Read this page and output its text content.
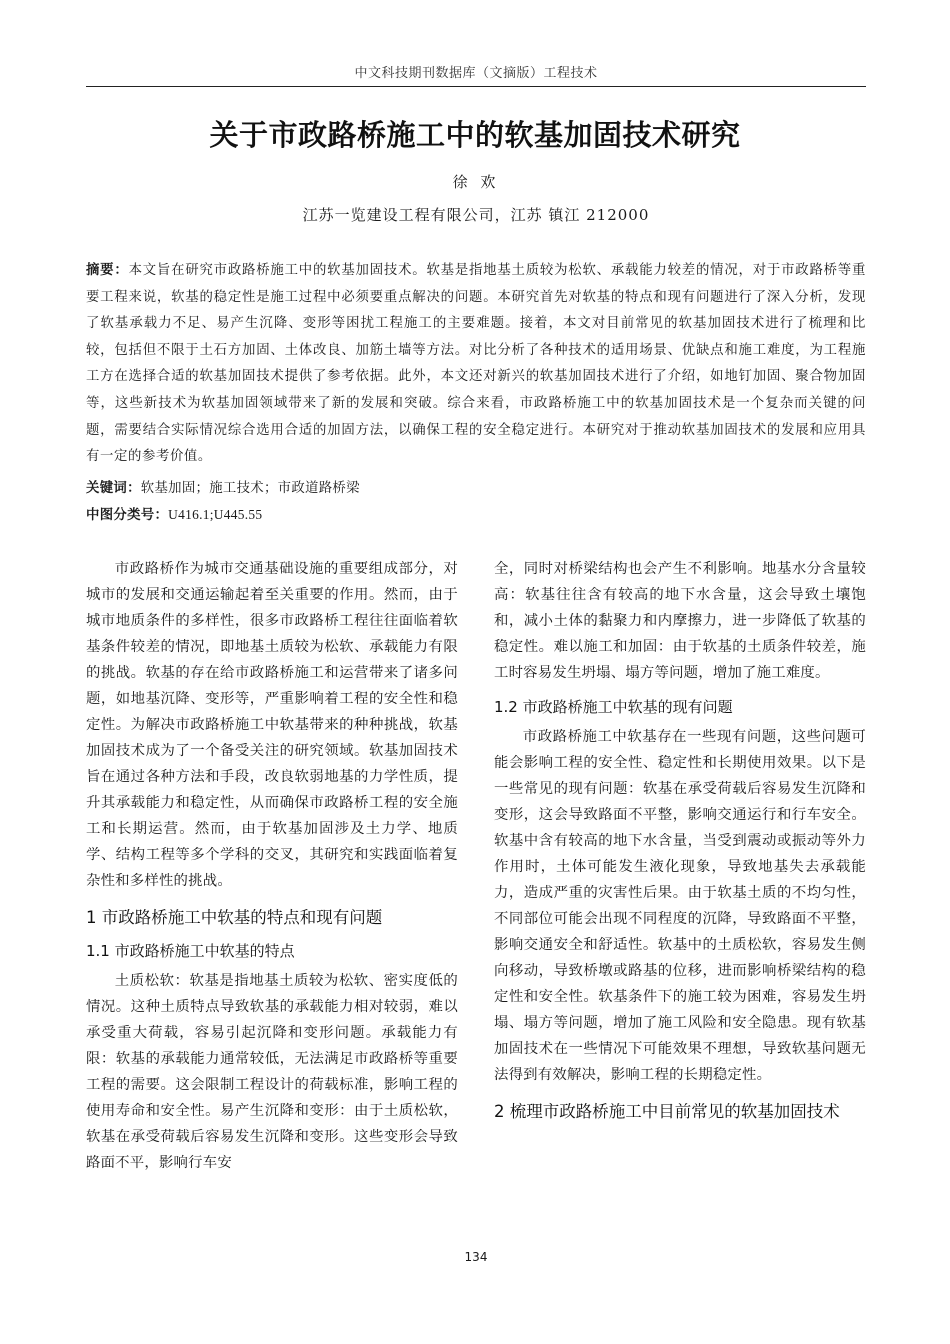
中文科技期刊数据库（文摘版）工程技术
关于市政路桥施工中的软基加固技术研究
徐 欢
江苏一览建设工程有限公司，江苏 镇江 212000
摘要：本文旨在研究市政路桥施工中的软基加固技术。软基是指地基土质较为松软、承载能力较差的情况，对于市政路桥等重要工程来说，软基的稳定性是施工过程中必须要重点解决的问题。本研究首先对软基的特点和现有问题进行了深入分析，发现了软基承载力不足、易产生沉降、变形等困扰工程施工的主要难题。接着，本文对目前常见的软基加固技术进行了梳理和比较，包括但不限于土石方加固、土体改良、加筋土墙等方法。对比分析了各种技术的适用场景、优缺点和施工难度，为工程施工方在选择合适的软基加固技术提供了参考依据。此外，本文还对新兴的软基加固技术进行了介绍，如地钉加固、聚合物加固等，这些新技术为软基加固领域带来了新的发展和突破。综合来看，市政路桥施工中的软基加固技术是一个复杂而关键的问题，需要结合实际情况综合选用合适的加固方法，以确保工程的安全稳定进行。本研究对于推动软基加固技术的发展和应用具有一定的参考价值。
关键词：软基加固；施工技术；市政道路桥梁
中图分类号：U416.1;U445.55

市政路桥作为城市交通基础设施的重要组成部分，对城市的发展和交通运输起着至关重要的作用。然而，由于城市地质条件的多样性，很多市政路桥工程往往面临着软基条件较差的情况，即地基土质较为松软、承载能力有限的挑战。软基的存在给市政路桥施工和运营带来了诸多问题，如地基沉降、变形等，严重影响着工程的安全性和稳定性。为解决市政路桥施工中软基带来的种种挑战，软基加固技术成为了一个备受关注的研究领域。软基加固技术旨在通过各种方法和手段，改良软弱地基的力学性质，提升其承载能力和稳定性，从而确保市政路桥工程的安全施工和长期运营。然而，由于软基加固涉及土力学、地质学、结构工程等多个学科的交叉，其研究和实践面临着复杂性和多样性的挑战。

1 市政路桥施工中软基的特点和现有问题
1.1 市政路桥施工中软基的特点

土质松软：软基是指地基土质较为松软、密实度低的情况。这种土质特点导致软基的承载能力相对较弱，难以承受重大荷载，容易引起沉降和变形问题。承载能力有限：软基的承载能力通常较低，无法满足市政路桥等重要工程的需要。这会限制工程设计的荷载标准，影响工程的使用寿命和安全性。易产生沉降和变形：由于土质松软，软基在承受荷载后容易发生沉降和变形。这些变形会导致路面不平，影响行车安

全，同时对桥梁结构也会产生不利影响。地基水分含量较高：软基往往含有较高的地下水含量，这会导致土壤饱和，减小土体的黏聚力和内摩擦力，进一步降低了软基的稳定性。难以施工和加固：由于软基的土质条件较差，施工时容易发生坍塌、塌方等问题，增加了施工难度。

1.2 市政路桥施工中软基的现有问题

市政路桥施工中软基存在一些现有问题，这些问题可能会影响工程的安全性、稳定性和长期使用效果。以下是一些常见的现有问题：软基在承受荷载后容易发生沉降和变形，这会导致路面不平整，影响交通运行和行车安全。软基中含有较高的地下水含量，当受到震动或振动等外力作用时，土体可能发生液化现象，导致地基失去承载能力，造成严重的灾害性后果。由于软基土质的不均匀性，不同部位可能会出现不同程度的沉降，导致路面不平整，影响交通安全和舒适性。软基中的土质松软，容易发生侧向移动，导致桥墩或路基的位移，进而影响桥梁结构的稳定性和安全性。软基条件下的施工较为困难，容易发生坍塌、塌方等问题，增加了施工风险和安全隐患。现有软基加固技术在一些情况下可能效果不理想，导致软基问题无法得到有效解决，影响工程的长期稳定性。

2 梳理市政路桥施工中目前常见的软基加固技术
134
